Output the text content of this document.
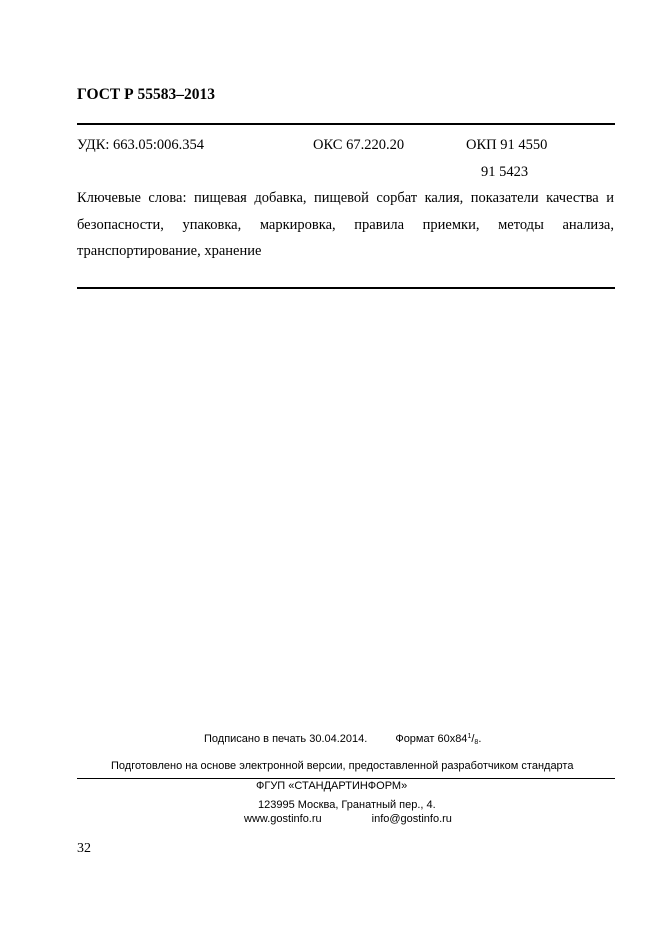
ГОСТ Р 55583–2013
УДК: 663.05:006.354	ОКС 67.220.20	ОКП 91 4550
91 5423
Ключевые слова: пищевая добавка, пищевой сорбат калия, показатели качества и безопасности, упаковка, маркировка, правила приемки, методы анализа, транспортирование, хранение
Подписано в печать 30.04.2014.	Формат $60х84^1/_8$.
Подготовлено на основе электронной версии, предоставленной разработчиком стандарта
ФГУП «СТАНДАРТИНФОРМ»
123995 Москва, Гранатный пер., 4.
www.gostinfo.ru	info@gostinfo.ru
32
